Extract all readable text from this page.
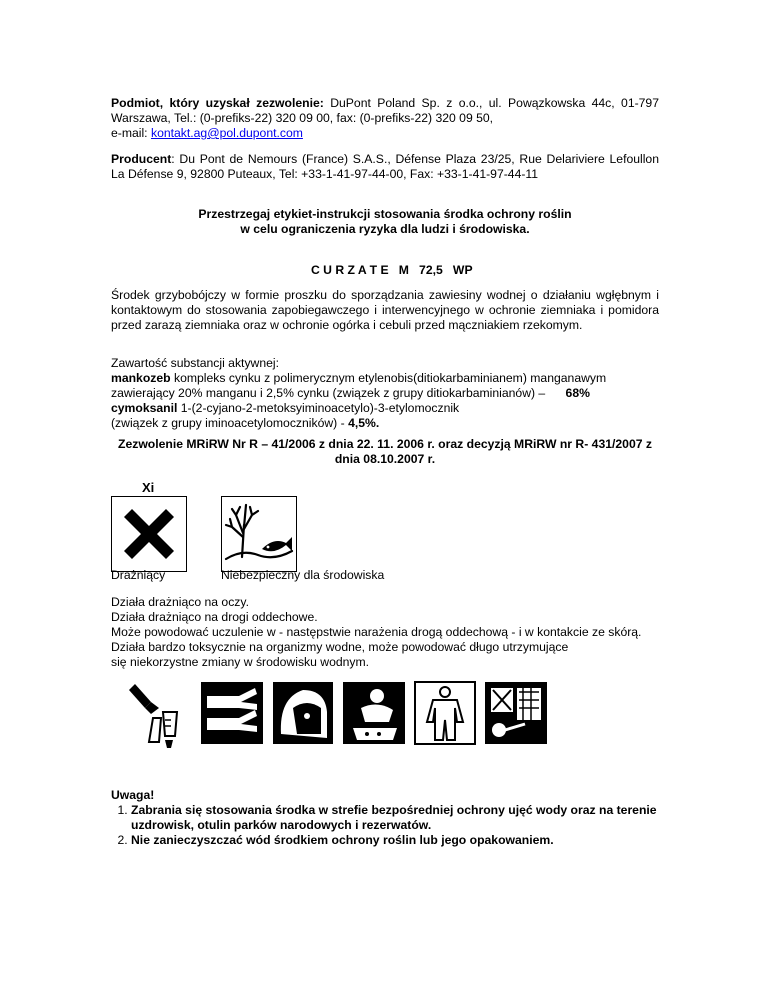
Podmiot, który uzyskał zezwolenie: DuPont Poland Sp. z o.o., ul. Powązkowska 44c, 01-797 Warszawa, Tel.: (0-prefiks-22) 320 09 00, fax: (0-prefiks-22) 320 09 50,
e-mail: kontakt.ag@pol.dupont.com
Producent: Du Pont de Nemours (France) S.A.S., Défense Plaza 23/25, Rue Delariviere Lefoullon La Défense 9, 92800 Puteaux, Tel: +33-1-41-97-44-00, Fax: +33-1-41-97-44-11
Przestrzegaj etykiet-instrukcji stosowania środka ochrony roślin
w celu ograniczenia ryzyka dla ludzi i środowiska.

C U R Z A T E   M   72,5   WP

Środek grzybobójczy w formie proszku do sporządzania zawiesiny wodnej o działaniu wgłębnym i kontaktowym do stosowania zapobiegawczego i interwencyjnego w ochronie ziemniaka i pomidora przed zarazą ziemniaka oraz w ochronie ogórka i cebuli przed mączniakiem rzekomym.
Zawartość substancji aktywnej:
mankozeb kompleks cynku z polimerycznym etylenobis(ditiokarbaminianem) manganawym zawierający 20% manganu i 2,5% cynku (związek z grupy ditiokarbaminianów) – 68%
cymoksanil 1-(2-cyjano-2-metoksyiminoacetylo)-3-etylomocznik
(związek z grupy iminoacetylomoczników) - 4,5%.
Zezwolenie MRiRW Nr R – 41/2006 z dnia 22. 11. 2006 r. oraz decyzją MRiRW nr R- 431/2007 z dnia 08.10.2007 r.
Xi
Drażniący	Niebezpieczny dla środowiska
Działa drażniąco na oczy.
Działa drażniąco na drogi oddechowe.
Może powodować uczulenie w - następstwie narażenia drogą oddechową - i w kontakcie ze skórą.
Działa bardzo toksycznie na organizmy wodne, może powodować długo utrzymujące
się niekorzystne zmiany w środowisku wodnym.
Uwaga!
1. Zabrania się stosowania środka w strefie bezpośredniej ochrony ujęć wody oraz na terenie uzdrowisk, otulin parków narodowych i rezerwatów.
2. Nie zanieczyszczać wód środkiem ochrony roślin lub jego opakowaniem.
